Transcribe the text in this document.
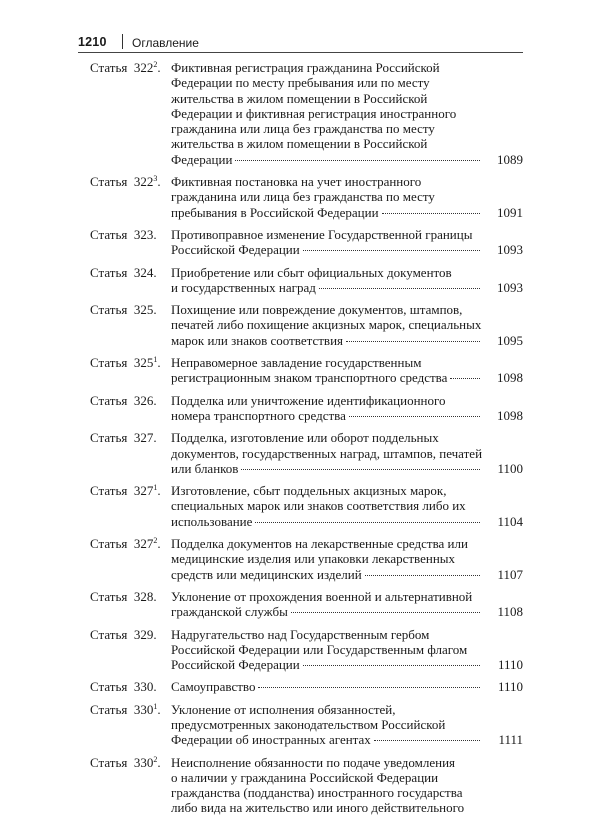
1210 Оглавление
Статья $322^2$. Фиктивная регистрация гражданина Российской
Федерации по месту пребывания или по месту
жительства в жилом помещении в Российской
Федерации и фиктивная регистрация иностранного
гражданина или лица без гражданства по месту
жительства в жилом помещении в Российской
Федерации	1089
Статья $322^3$. Фиктивная постановка на учет иностранного
гражданина или лица без гражданства по месту
пребывания в Российской Федерации	1091
Статья 323. Противоправное изменение Государственной границы
Российской Федерации	1093
Статья 324. Приобретение или сбыт официальных документов
и государственных наград	1093
Статья 325. Похищение или повреждение документов, штампов,
печатей либо похищение акцизных марок, специальных
марок или знаков соответствия	1095
Статья $325^1$. Неправомерное завладение государственным
регистрационным знаком транспортного средства	1098
Статья 326. Подделка или уничтожение идентификационного
номера транспортного средства	1098
Статья 327. Подделка, изготовление или оборот поддельных
документов, государственных наград, штампов, печатей
или бланков	1100
Статья $327^1$. Изготовление, сбыт поддельных акцизных марок,
специальных марок или знаков соответствия либо их
использование	1104
Статья $327^2$. Подделка документов на лекарственные средства или
медицинские изделия или упаковки лекарственных
средств или медицинских изделий	1107
Статья 328. Уклонение от прохождения военной и альтернативной
гражданской службы	1108
Статья 329. Надругательство над Государственным гербом
Российской Федерации или Государственным флагом
Российской Федерации	1110
Статья 330. Самоуправство	1110
Статья $330^1$. Уклонение от исполнения обязанностей,
предусмотренных законодательством Российской
Федерации об иностранных агентах	1111
Статья $330^2$. Неисполнение обязанности по подаче уведомления
о наличии у гражданина Российской Федерации
гражданства (подданства) иностранного государства
либо вида на жительство или иного действительного
